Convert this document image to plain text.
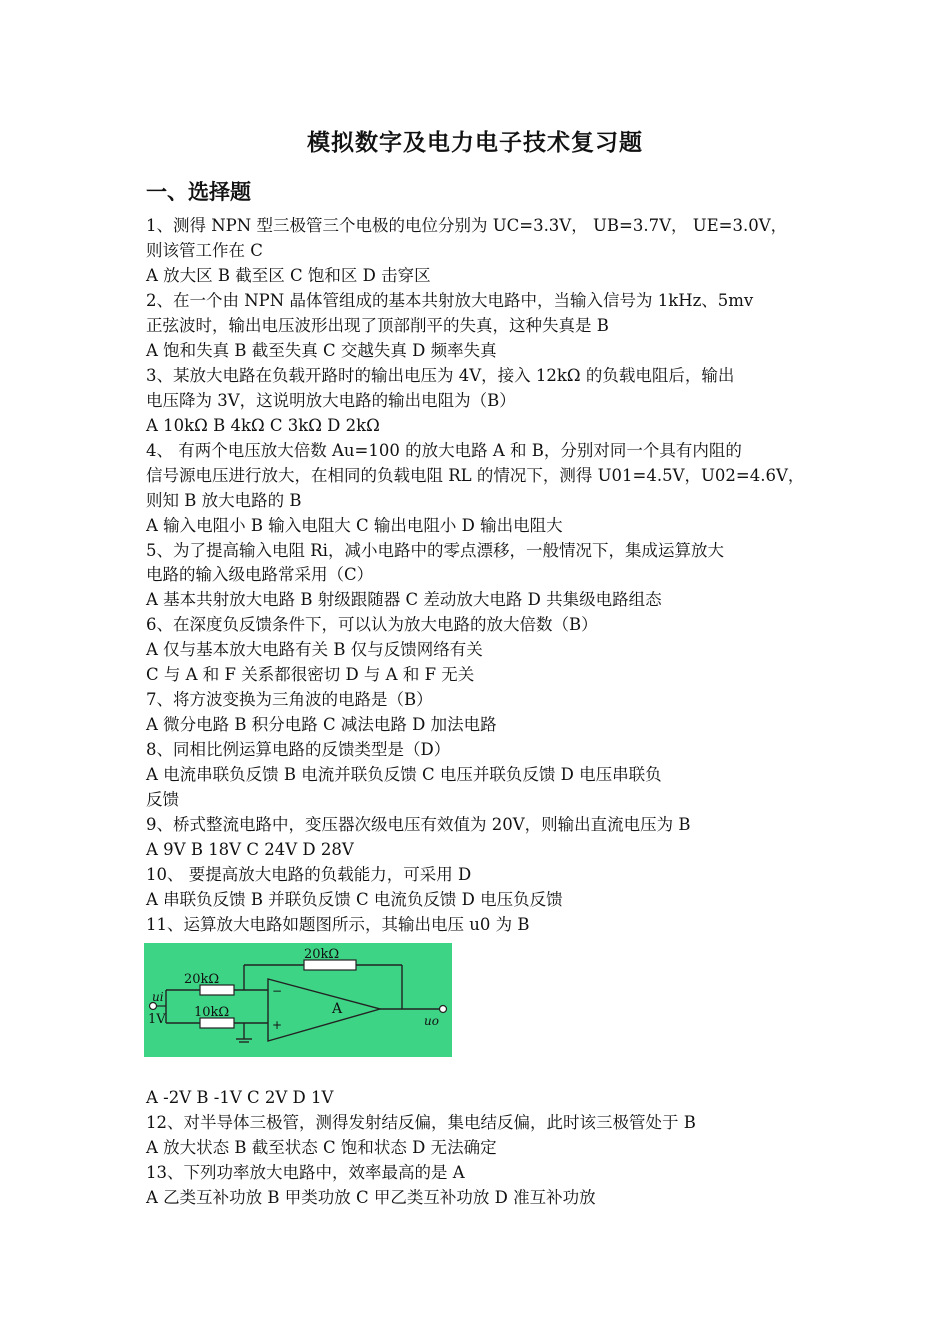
模拟数字及电力电子技术复习题
一、选择题
1、测得 NPN 型三极管三个电极的电位分别为 UC=3.3V， UB=3.7V， UE=3.0V，
则该管工作在 C
A 放大区 B 截至区 C 饱和区 D 击穿区
2、在一个由 NPN 晶体管组成的基本共射放大电路中，当输入信号为 1kHz、5mv
正弦波时，输出电压波形出现了顶部削平的失真，这种失真是 B
A 饱和失真 B 截至失真 C 交越失真 D 频率失真
3、某放大电路在负载开路时的输出电压为 4V，接入 12kΩ 的负载电阻后，输出
电压降为 3V，这说明放大电路的输出电阻为（B）
A 10kΩ B 4kΩ C 3kΩ D 2kΩ
4、 有两个电压放大倍数 Au=100 的放大电路 A 和 B，分别对同一个具有内阻的
信号源电压进行放大，在相同的负载电阻 RL 的情况下，测得 U01=4.5V，U02=4.6V，
则知 B 放大电路的 B
A 输入电阻小 B 输入电阻大 C 输出电阻小 D 输出电阻大
5、为了提高输入电阻 Ri，减小电路中的零点漂移，一般情况下，集成运算放大
电路的输入级电路常采用（C）
A 基本共射放大电路 B 射级跟随器 C 差动放大电路 D 共集级电路组态
6、在深度负反馈条件下，可以认为放大电路的放大倍数（B）
A 仅与基本放大电路有关 B 仅与反馈网络有关
C 与 A 和 F 关系都很密切 D 与 A 和 F 无关
7、将方波变换为三角波的电路是（B）
A 微分电路 B 积分电路 C 减法电路 D 加法电路
8、同相比例运算电路的反馈类型是（D）
A 电流串联负反馈 B 电流并联负反馈 C 电压并联负反馈 D 电压串联负
反馈
9、桥式整流电路中，变压器次级电压有效值为 20V，则输出直流电压为 B
A 9V B 18V C 24V D 28V
10、 要提高放大电路的负载能力，可采用 D
A 串联负反馈 B 并联负反馈 C 电流负反馈 D 电压负反馈
11、运算放大电路如题图所示，其输出电压 u0 为 B
20kΩ
20kΩ
10kΩ
ui
1V
A
uo
−
+
A -2V B -1V C 2V D 1V
12、对半导体三极管，测得发射结反偏，集电结反偏，此时该三极管处于 B
A 放大状态 B 截至状态 C 饱和状态 D 无法确定
13、下列功率放大电路中，效率最高的是 A
A 乙类互补功放 B 甲类功放 C 甲乙类互补功放 D 准互补功放
